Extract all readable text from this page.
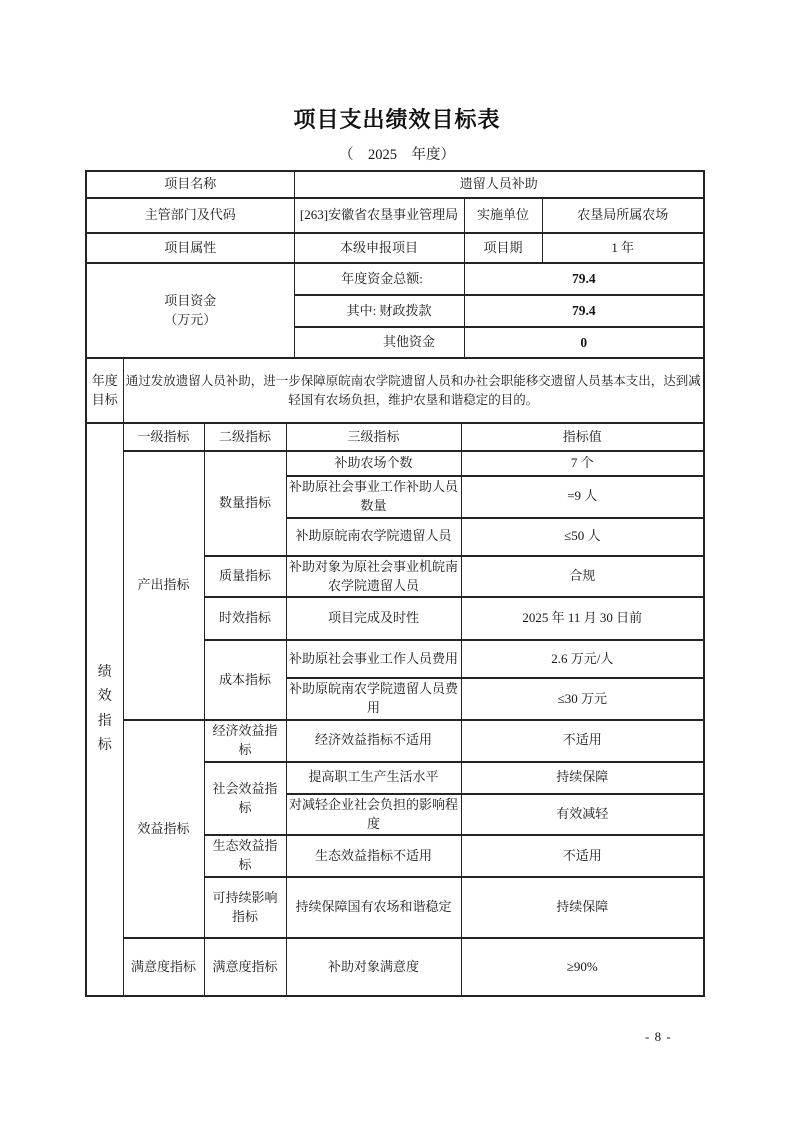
项目支出绩效目标表
（　2025　年度）
项目名称				遗留人员补助			
主管部门及代码				[263]安徽省农垦事业管理局		实施单位	农垦局所属农场
项目属性				本级申报项目		项目期	1 年
项目资金
（万元）				年度资金总额:		79.4	
				其中: 财政拨款		79.4	
				其他资金		0	
年度目标	通过发放遗留人员补助，进一步保障原皖南农学院遗留人员和办社会职能移交遗留人员基本支出，达到减轻国有农场负担，维护农垦和谐稳定的目的。						
绩效指标	一级指标	二级指标	三级指标		指标值		
	产出指标	数量指标	补助农场个数		7 个		
			补助原社会事业工作补助人员数量		=9 人		
			补助原皖南农学院遗留人员		≤50 人		
		质量指标	补助对象为原社会事业机皖南农学院遗留人员		合规		
		时效指标	项目完成及时性		2025 年 11 月 30 日前		
		成本指标	补助原社会事业工作人员费用		2.6 万元/人		
			补助原皖南农学院遗留人员费用		≤30 万元		
	效益指标	经济效益指标	经济效益指标不适用		不适用		
		社会效益指标	提高职工生产生活水平		持续保障		
			对减轻企业社会负担的影响程度		有效减轻		
		生态效益指标	生态效益指标不适用		不适用		
		可持续影响指标	持续保障国有农场和谐稳定		持续保障		
	满意度指标	满意度指标	补助对象满意度		≥90%		
- 8 -
